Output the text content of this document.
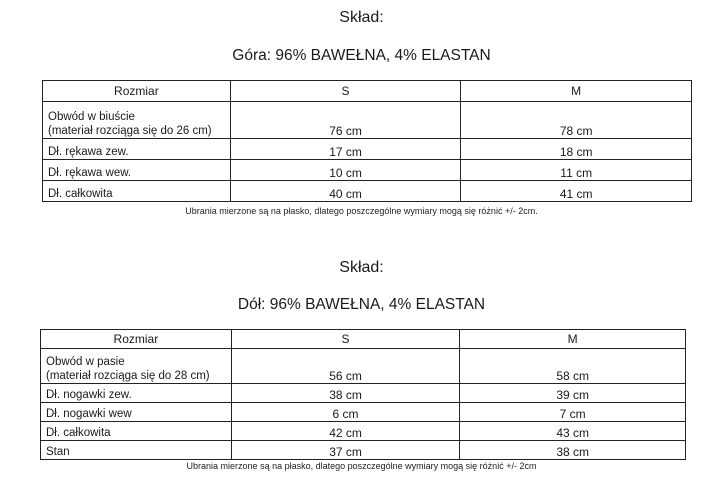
Skład:
Góra: 96% BAWEŁNA, 4% ELASTAN
Rozmiar	S	M

Obwód w biuście
(materiał rozciąga się do 26 cm)	76 cm	78 cm
Dł. rękawa zew.	17 cm	18 cm
Dł. rękawa wew.	10 cm	11 cm
Dł. całkowita	40 cm	41 cm
Ubrania mierzone są na płasko, dlatego poszczególne wymiary mogą się różnić +/- 2cm.
Skład:
Dół: 96% BAWEŁNA, 4% ELASTAN
Rozmiar	S	M

Obwód w pasie
(materiał rozciąga się do 28 cm)	56 cm	58 cm
Dł. nogawki zew.	38 cm	39 cm
Dł. nogawki wew	6 cm	7 cm
Dł. całkowita	42 cm	43 cm
Stan	37 cm	38 cm
Ubrania mierzone są na płasko, dlatego poszczególne wymiary mogą się różnić +/- 2cm
